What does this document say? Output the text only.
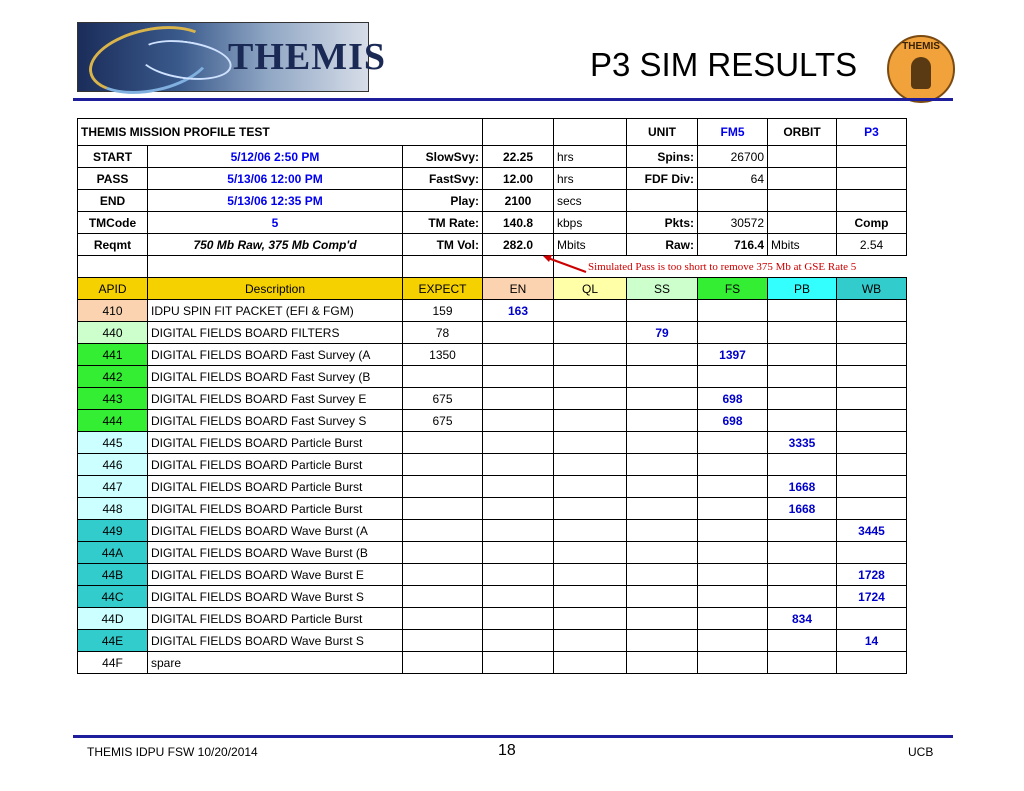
THEMIS	P3 SIM RESULTS	THEMIS
THEMIS MISSION PROFILE TEST					UNIT	FM5	ORBIT	P3
START	5/12/06 2:50 PM	SlowSvy:	22.25	hrs	Spins:	26700		
PASS	5/13/06 12:00 PM	FastSvy:	12.00	hrs	FDF Div:	64		
END	5/13/06 12:35 PM	Play:	2100	secs				
TMCode	5	TM Rate:	140.8	kbps	Pkts:	30572		Comp
Reqmt	750 Mb Raw, 375 Mb Comp'd	TM Vol:	282.0	Mbits	Raw:	716.4	Mbits	2.54

APID	Description	EXPECT	EN	QL	SS	FS	PB	WB
410	IDPU SPIN FIT PACKET (EFI & FGM)	159	163					
440	DIGITAL FIELDS BOARD FILTERS	78			79			
441	DIGITAL FIELDS BOARD Fast Survey (A	1350				1397		
442	DIGITAL FIELDS BOARD Fast Survey (B							
443	DIGITAL FIELDS BOARD Fast Survey E	675				698		
444	DIGITAL FIELDS BOARD Fast Survey S	675				698		
445	DIGITAL FIELDS BOARD Particle Burst						3335	
446	DIGITAL FIELDS BOARD Particle Burst							
447	DIGITAL FIELDS BOARD Particle Burst						1668	
448	DIGITAL FIELDS BOARD Particle Burst						1668	
449	DIGITAL FIELDS BOARD Wave Burst (A							3445
44A	DIGITAL FIELDS BOARD Wave Burst (B							
44B	DIGITAL FIELDS BOARD Wave Burst E							1728
44C	DIGITAL FIELDS BOARD Wave Burst S							1724
44D	DIGITAL FIELDS BOARD Particle Burst						834	
44E	DIGITAL FIELDS BOARD Wave Burst S							14
44F	spare							
Simulated Pass is too short to remove 375 Mb at GSE Rate 5
THEMIS IDPU FSW 10/20/2014	18	UCB
